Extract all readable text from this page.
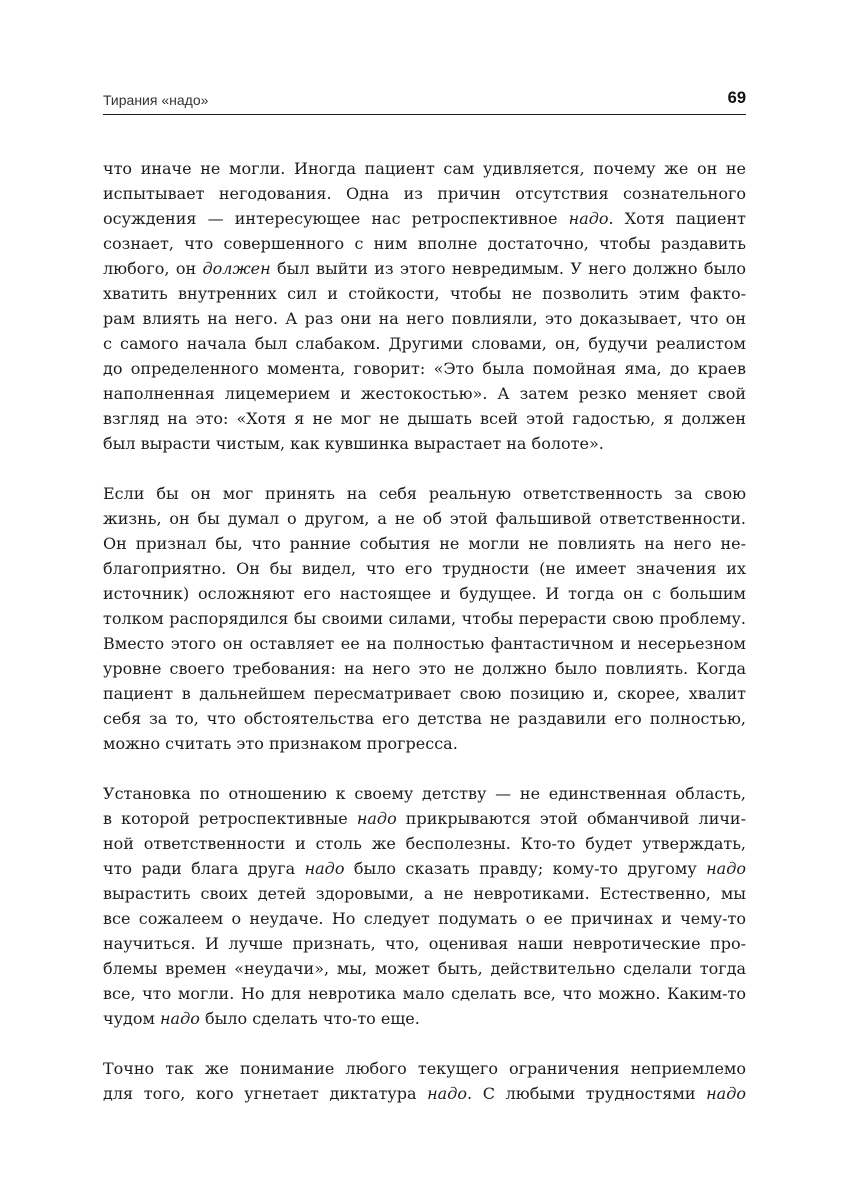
Тирания «надо»	69
что иначе не могли. Иногда пациент сам удивляется, почему же он не
испытывает негодования. Одна из причин отсутствия сознательного
осуждения — интересующее нас ретроспективное надо. Хотя пациент
сознает, что совершенного с ним вполне достаточно, чтобы раздавить
любого, он должен был выйти из этого невредимым. У него должно было
хватить внутренних сил и стойкости, чтобы не позволить этим факто-
рам влиять на него. А раз они на него повлияли, это доказывает, что он
с самого начала был слабаком. Другими словами, он, будучи реалистом
до определенного момента, говорит: «Это была помойная яма, до краев
наполненная лицемерием и жестокостью». А затем резко меняет свой
взгляд на это: «Хотя я не мог не дышать всей этой гадостью, я должен
был вырасти чистым, как кувшинка вырастает на болоте».
Если бы он мог принять на себя реальную ответственность за свою
жизнь, он бы думал о другом, а не об этой фальшивой ответственности.
Он признал бы, что ранние события не могли не повлиять на него не-
благоприятно. Он бы видел, что его трудности (не имеет значения их
источник) осложняют его настоящее и будущее. И тогда он с большим
толком распорядился бы своими силами, чтобы перерасти свою проблему.
Вместо этого он оставляет ее на полностью фантастичном и несерьезном
уровне своего требования: на него это не должно было повлиять. Когда
пациент в дальнейшем пересматривает свою позицию и, скорее, хвалит
себя за то, что обстоятельства его детства не раздавили его полностью,
можно считать это признаком прогресса.
Установка по отношению к своему детству — не единственная область,
в которой ретроспективные надо прикрываются этой обманчивой личи-
ной ответственности и столь же бесполезны. Кто-то будет утверждать,
что ради блага друга надо было сказать правду; кому-то другому надо
вырастить своих детей здоровыми, а не невротиками. Естественно, мы
все сожалеем о неудаче. Но следует подумать о ее причинах и чему-то
научиться. И лучше признать, что, оценивая наши невротические про-
блемы времен «неудачи», мы, может быть, действительно сделали тогда
все, что могли. Но для невротика мало сделать все, что можно. Каким-то
чудом надо было сделать что-то еще.
Точно так же понимание любого текущего ограничения неприемлемо
для того, кого угнетает диктатура надо. С любыми трудностями надо
